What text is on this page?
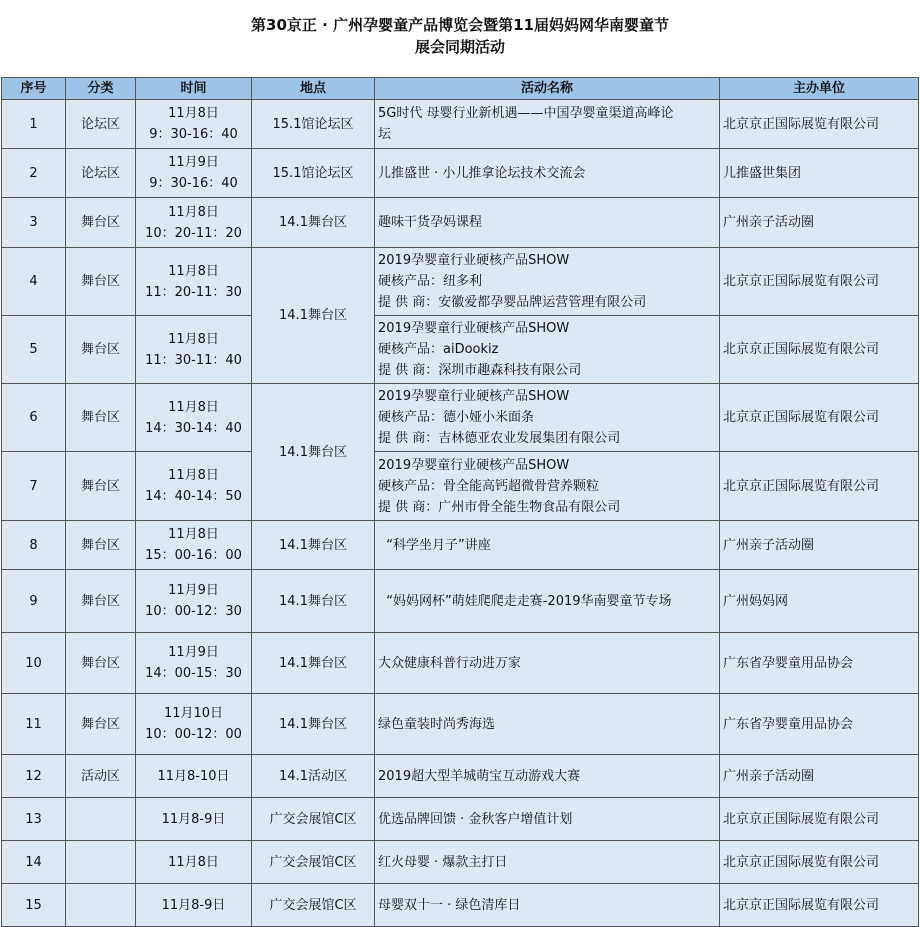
第30京正 · 广州孕婴童产品博览会暨第11届妈妈网华南婴童节
展会同期活动
序号	分类	时间	地点	活动名称	主办单位
1	论坛区	11月8日
9：30-16：40	15.1馆论坛区	5G时代 母婴行业新机遇——中国孕婴童渠道高峰论
坛	北京京正国际展览有限公司
2	论坛区	11月9日
9：30-16：40	15.1馆论坛区	儿推盛世 · 小儿推拿论坛技术交流会	儿推盛世集团
3	舞台区	11月8日
10：20-11：20	14.1舞台区	趣味干货孕妈课程	广州亲子活动圈
4	舞台区	11月8日
11：20-11：30	14.1舞台区	2019孕婴童行业硬核产品SHOW
硬核产品：纽多利
提 供 商：安徽爱都孕婴品牌运营管理有限公司	北京京正国际展览有限公司
5	舞台区	11月8日
11：30-11：40		2019孕婴童行业硬核产品SHOW
硬核产品：aiDookiz
提 供 商：深圳市趣森科技有限公司	北京京正国际展览有限公司
6	舞台区	11月8日
14：30-14：40	14.1舞台区	2019孕婴童行业硬核产品SHOW
硬核产品：德小娅小米面条
提 供 商：吉林德亚农业发展集团有限公司	北京京正国际展览有限公司
7	舞台区	11月8日
14：40-14：50		2019孕婴童行业硬核产品SHOW
硬核产品：骨全能高钙超微骨营养颗粒
提 供 商：广州市骨全能生物食品有限公司	北京京正国际展览有限公司
8	舞台区	11月8日
15：00-16：00	14.1舞台区	“科学坐月子”讲座	广州亲子活动圈
9	舞台区	11月9日
10：00-12：30	14.1舞台区	“妈妈网杯”萌娃爬爬走走赛-2019华南婴童节专场	广州妈妈网
10	舞台区	11月9日
14：00-15：30	14.1舞台区	大众健康科普行动进万家	广东省孕婴童用品协会
11	舞台区	11月10日
10：00-12：00	14.1舞台区	绿色童装时尚秀海选	广东省孕婴童用品协会
12	活动区	11月8-10日	14.1活动区	2019超大型羊城萌宝互动游戏大赛	广州亲子活动圈
13		11月8-9日	广交会展馆C区	优选品牌回馈 · 金秋客户增值计划	北京京正国际展览有限公司
14		11月8日	广交会展馆C区	红火母婴 · 爆款主打日	北京京正国际展览有限公司
15		11月8-9日	广交会展馆C区	母婴双十一 · 绿色清库日	北京京正国际展览有限公司
